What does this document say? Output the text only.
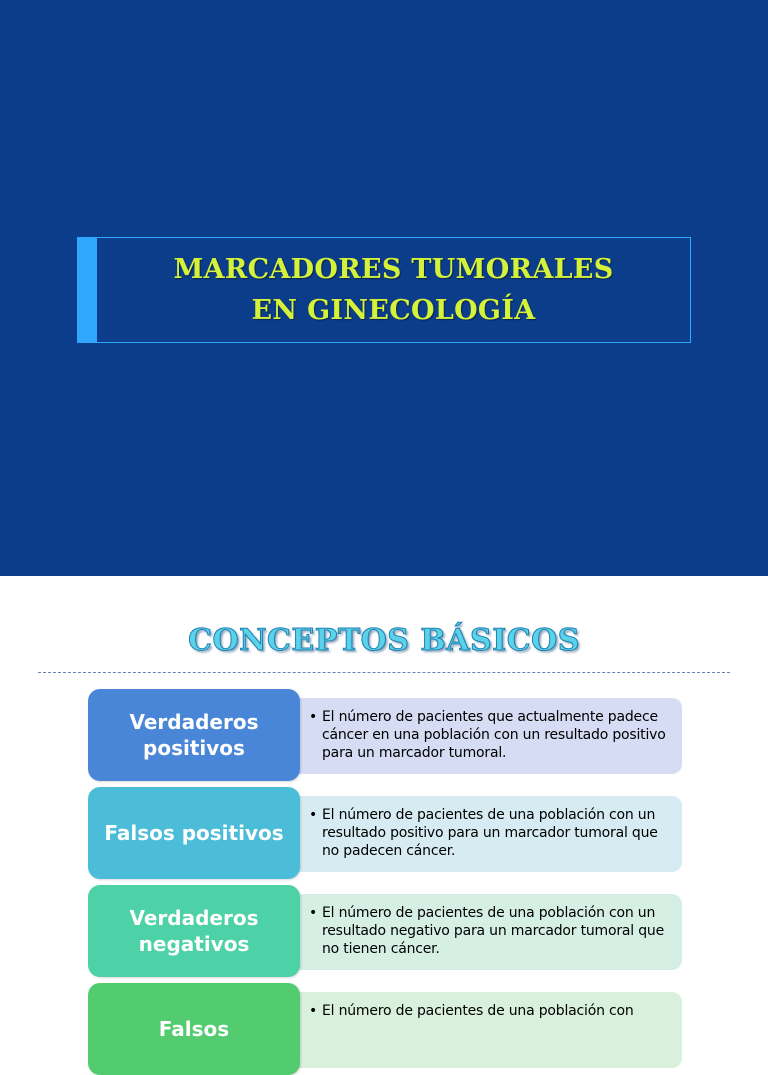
MARCADORES TUMORALES
EN GINECOLOGÍA
CONCEPTOS BÁSICOS
Verdaderos positivos
• El número de pacientes que actualmente padece cáncer en una población con un resultado positivo para un marcador tumoral.
Falsos positivos
• El número de pacientes de una población con un resultado positivo para un marcador tumoral que no padecen cáncer.
Verdaderos negativos
• El número de pacientes de una población con un resultado negativo para un marcador tumoral que no tienen cáncer.
Falsos
• El número de pacientes de una población con
